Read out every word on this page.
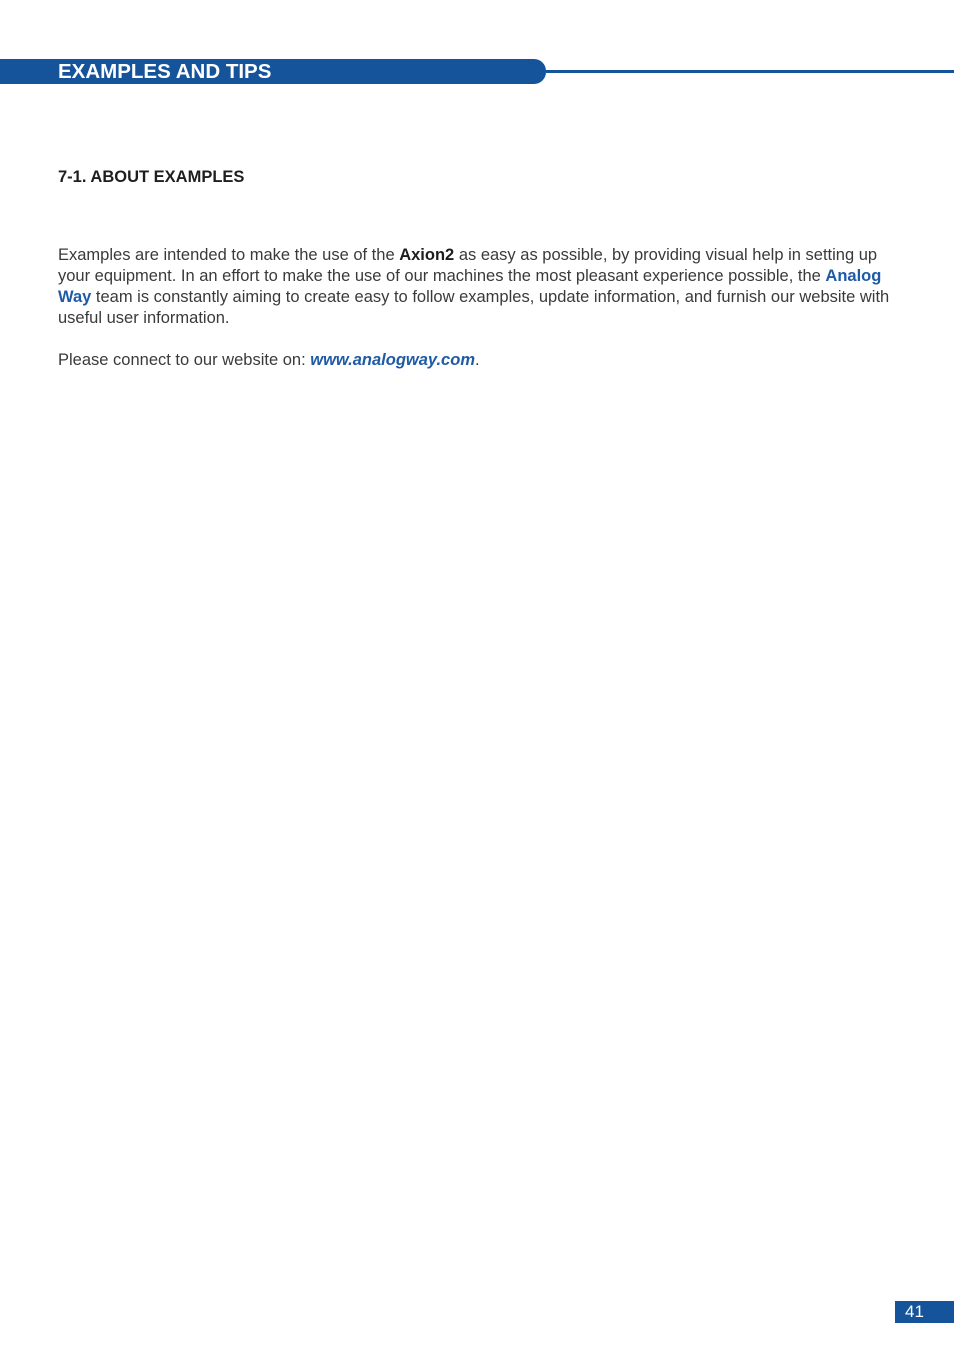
EXAMPLES AND TIPS
7-1. ABOUT EXAMPLES

Examples are intended to make the use of the Axion2 as easy as possible, by providing visual help in setting up your equipment. In an effort to make the use of our machines the most pleasant experience possible, the Analog Way team is constantly aiming to create easy to follow examples, update information, and furnish our website with useful user information.

Please connect to our website on: www.analogway.com.

41
